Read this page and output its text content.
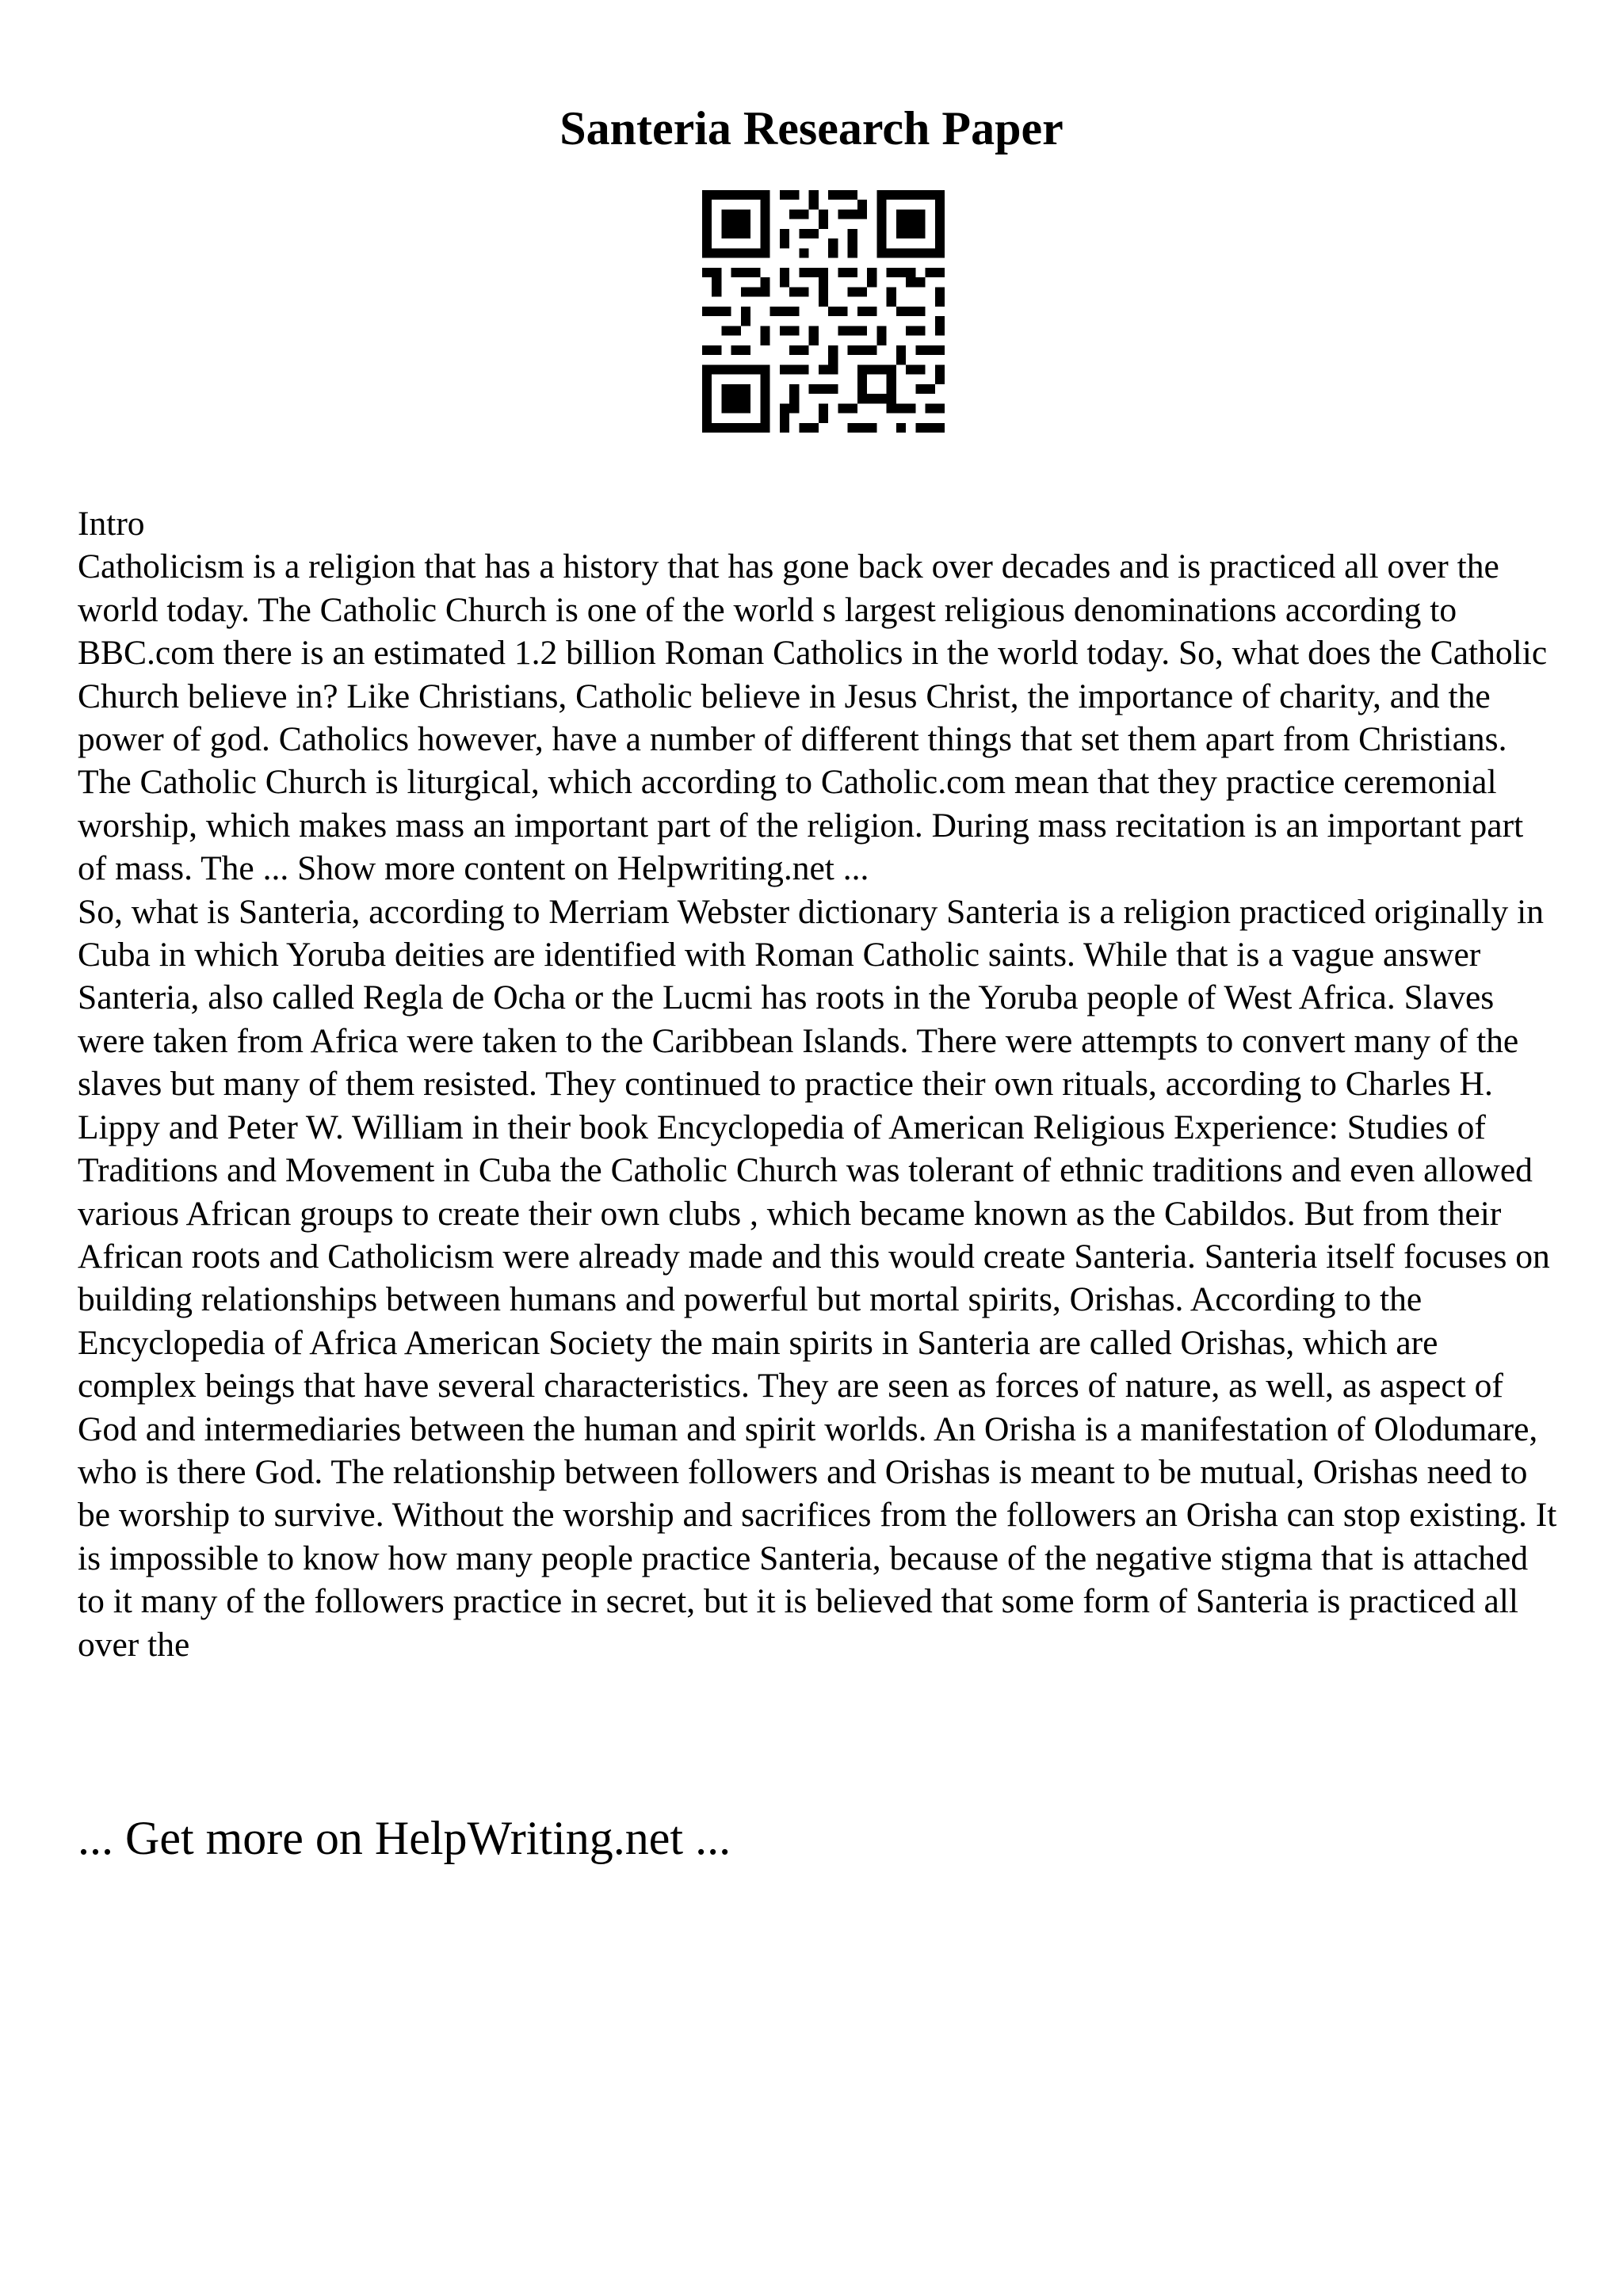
Santeria Research Paper

Intro

Catholicism is a religion that has a history that has gone back over decades and is practiced all over the world today. The Catholic Church is one of the world s largest religious denominations according to BBC.com there is an estimated 1.2 billion Roman Catholics in the world today. So, what does the Catholic Church believe in? Like Christians, Catholic believe in Jesus Christ, the importance of charity, and the power of god. Catholics however, have a number of different things that set them apart from Christians. The Catholic Church is liturgical, which according to Catholic.com mean that they practice ceremonial worship, which makes mass an important part of the religion. During mass recitation is an important part of mass. The ... Show more content on Helpwriting.net ...

So, what is Santeria, according to Merriam Webster dictionary Santeria is a religion practiced originally in Cuba in which Yoruba deities are identified with Roman Catholic saints. While that is a vague answer Santeria, also called Regla de Ocha or the Lucmi has roots in the Yoruba people of West Africa. Slaves were taken from Africa were taken to the Caribbean Islands. There were attempts to convert many of the slaves but many of them resisted. They continued to practice their own rituals, according to Charles H. Lippy and Peter W. William in their book Encyclopedia of American Religious Experience: Studies of Traditions and Movement in Cuba the Catholic Church was tolerant of ethnic traditions and even allowed various African groups to create their own clubs , which became known as the Cabildos. But from their African roots and Catholicism were already made and this would create Santeria. Santeria itself focuses on building relationships between humans and powerful but mortal spirits, Orishas. According to the Encyclopedia of Africa American Society the main spirits in Santeria are called Orishas, which are complex beings that have several characteristics. They are seen as forces of nature, as well, as aspect of God and intermediaries between the human and spirit worlds. An Orisha is a manifestation of Olodumare, who is there God. The relationship between followers and Orishas is meant to be mutual, Orishas need to be worship to survive. Without the worship and sacrifices from the followers an Orisha can stop existing. It is impossible to know how many people practice Santeria, because of the negative stigma that is attached to it many of the followers practice in secret, but it is believed that some form of Santeria is practiced all over the

... Get more on HelpWriting.net ...
